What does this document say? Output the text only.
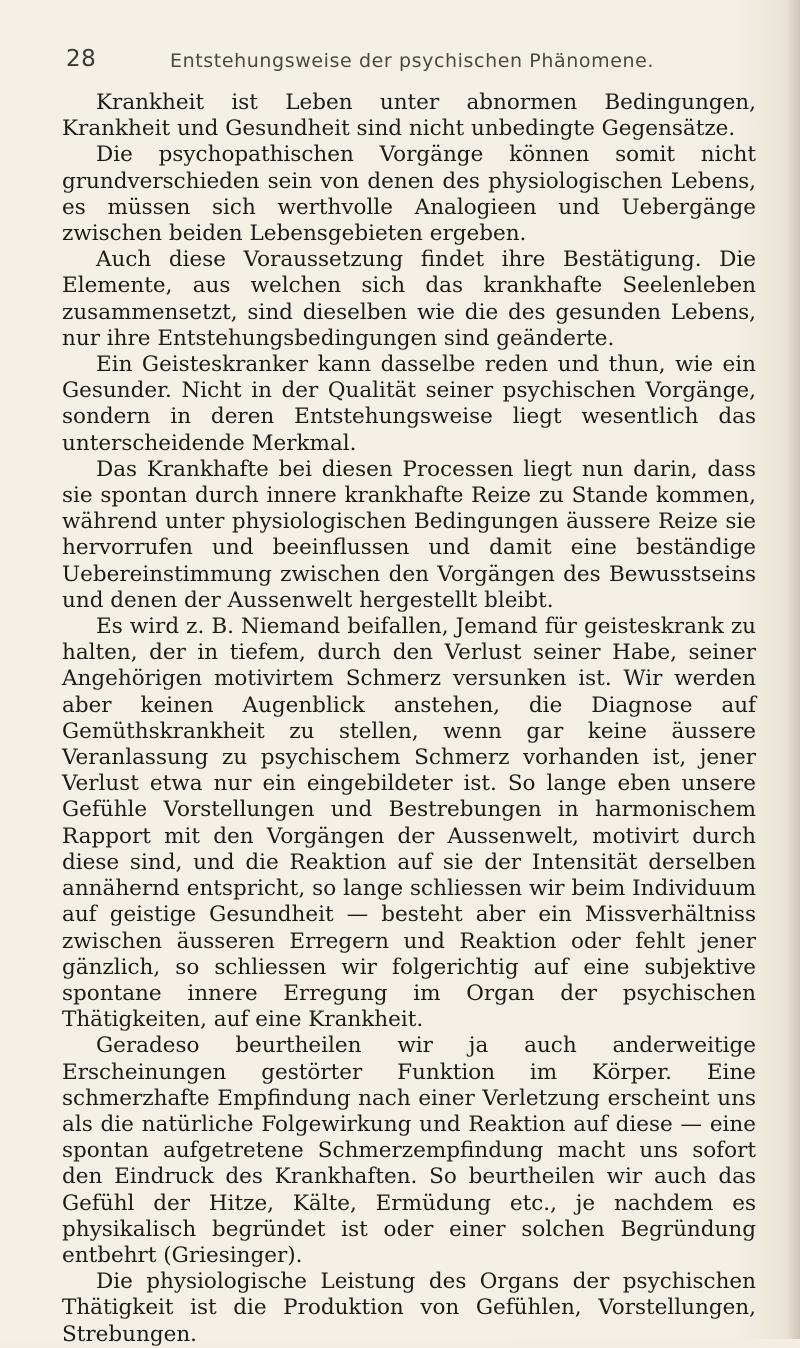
28	Entstehungsweise der psychischen Phänomene.

Krankheit ist Leben unter abnormen Bedingungen, Krankheit und Gesundheit sind nicht unbedingte Gegensätze.

Die psychopathischen Vorgänge können somit nicht grundverschieden sein von denen des physiologischen Lebens, es müssen sich werthvolle Analogieen und Uebergänge zwischen beiden Lebensgebieten ergeben.

Auch diese Voraussetzung findet ihre Bestätigung. Die Elemente, aus welchen sich das krankhafte Seelenleben zusammensetzt, sind dieselben wie die des gesunden Lebens, nur ihre Entstehungsbedingungen sind geänderte.

Ein Geisteskranker kann dasselbe reden und thun, wie ein Gesunder. Nicht in der Qualität seiner psychischen Vorgänge, sondern in deren Entstehungsweise liegt wesentlich das unterscheidende Merkmal.

Das Krankhafte bei diesen Processen liegt nun darin, dass sie spontan durch innere krankhafte Reize zu Stande kommen, während unter physiologischen Bedingungen äussere Reize sie hervorrufen und beeinflussen und damit eine beständige Uebereinstimmung zwischen den Vorgängen des Bewusstseins und denen der Aussenwelt hergestellt bleibt.

Es wird z. B. Niemand beifallen, Jemand für geisteskrank zu halten, der in tiefem, durch den Verlust seiner Habe, seiner Angehörigen motivirtem Schmerz versunken ist. Wir werden aber keinen Augenblick anstehen, die Diagnose auf Gemüthskrankheit zu stellen, wenn gar keine äussere Veranlassung zu psychischem Schmerz vorhanden ist, jener Verlust etwa nur ein eingebildeter ist. So lange eben unsere Gefühle Vorstellungen und Bestrebungen in harmonischem Rapport mit den Vorgängen der Aussenwelt, motivirt durch diese sind, und die Reaktion auf sie der Intensität derselben annähernd entspricht, so lange schliessen wir beim Individuum auf geistige Gesundheit — besteht aber ein Missverhältniss zwischen äusseren Erregern und Reaktion oder fehlt jener gänzlich, so schliessen wir folgerichtig auf eine subjektive spontane innere Erregung im Organ der psychischen Thätigkeiten, auf eine Krankheit.

Geradeso beurtheilen wir ja auch anderweitige Erscheinungen gestörter Funktion im Körper. Eine schmerzhafte Empfindung nach einer Verletzung erscheint uns als die natürliche Folgewirkung und Reaktion auf diese — eine spontan aufgetretene Schmerzempfindung macht uns sofort den Eindruck des Krankhaften. So beurtheilen wir auch das Gefühl der Hitze, Kälte, Ermüdung etc., je nachdem es physikalisch begründet ist oder einer solchen Begründung entbehrt (Griesinger).

Die physiologische Leistung des Organs der psychischen Thätigkeit ist die Produktion von Gefühlen, Vorstellungen, Strebungen.
